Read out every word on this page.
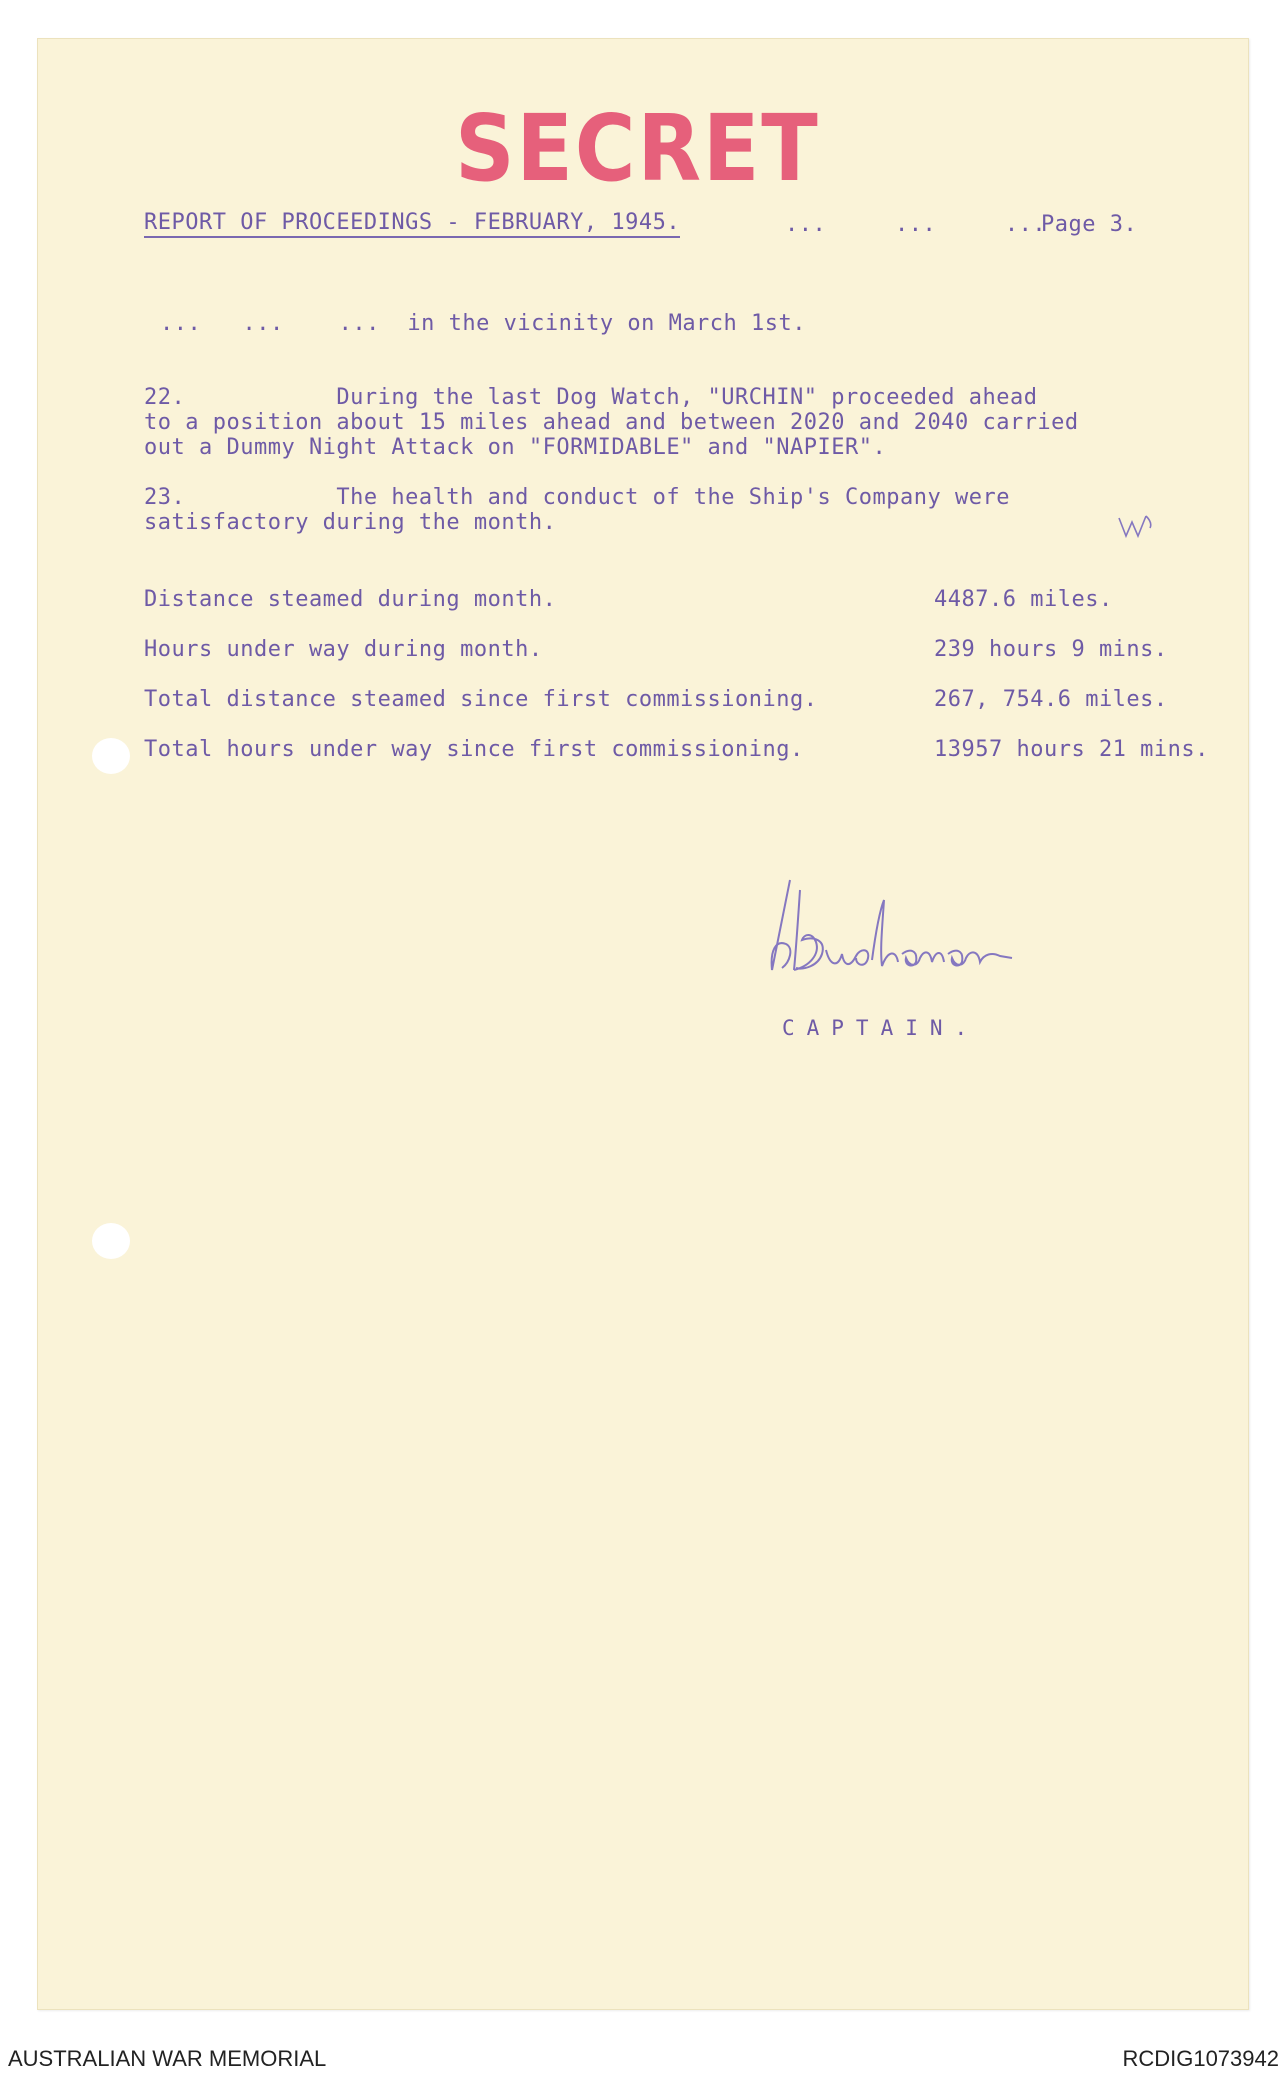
SECRET
REPORT OF PROCEEDINGS - FEBRUARY, 1945.	...     ...     ...
Page 3.
...   ...    ...  in the vicinity on March 1st.
22.           During the last Dog Watch, "URCHIN" proceeded ahead
to a position about 15 miles ahead and between 2020 and 2040 carried
out a Dummy Night Attack on "FORMIDABLE" and "NAPIER".
23.           The health and conduct of the Ship's Company were
satisfactory during the month.
Distance steamed during month.	4487.6 miles.
Hours under way during month.	239 hours 9 mins.
Total distance steamed since first commissioning.	267, 754.6 miles.
Total hours under way since first commissioning.	13957 hours 21 mins.
CAPTAIN.
AUSTRALIAN WAR MEMORIAL	RCDIG1073942
